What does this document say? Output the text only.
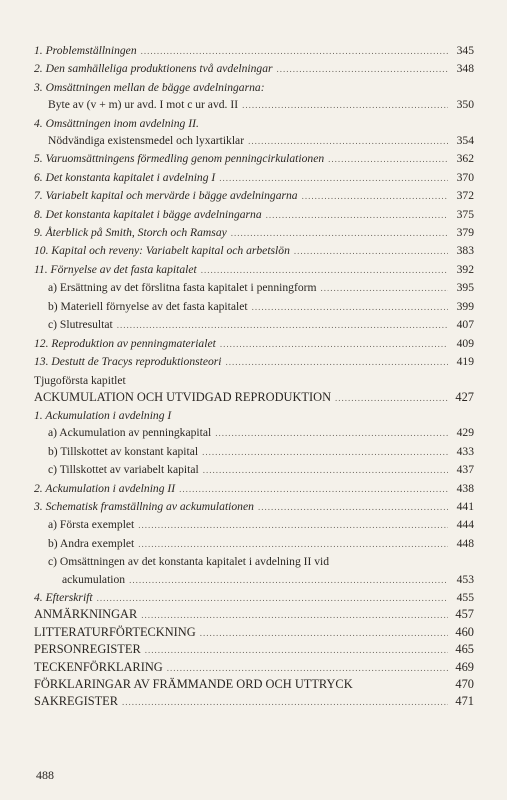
1. Problemställningen .....	345
2. Den samhälleliga produktionens två avdelningar .....	348
3. Omsättningen mellan de bägge avdelningarna:
Byte av (v + m) ur avd. I mot c ur avd. II .....	350
4. Omsättningen inom avdelning II.
Nödvändiga existensmedel och lyxartiklar .....	354
5. Varuomsättningens förmedling genom penningcirkulationen .....	362
6. Det konstanta kapitalet i avdelning I .....	370
7. Variabelt kapital och mervärde i bägge avdelningarna .....	372
8. Det konstanta kapitalet i bägge avdelningarna .....	375
9. Återblick på Smith, Storch och Ramsay .....	379
10. Kapital och reveny: Variabelt kapital och arbetslön .....	383
11. Förnyelse av det fasta kapitalet .....	392
a) Ersättning av det förslitna fasta kapitalet i penningform .....	395
b) Materiell förnyelse av det fasta kapitalet .....	399
c) Slutresultat .....	407
12. Reproduktion av penningmaterialet .....	409
13. Destutt de Tracys reproduktionsteori .....	419
Tjugoförsta kapitlet
ACKUMULATION OCH UTVIDGAD REPRODUKTION .....	427
1. Ackumulation i avdelning I
a) Ackumulation av penningkapital .....	429
b) Tillskottet av konstant kapital .....	433
c) Tillskottet av variabelt kapital .....	437
2. Ackumulation i avdelning II .....	438
3. Schematisk framställning av ackumulationen .....	441
a) Första exemplet .....	444
b) Andra exemplet .....	448
c) Omsättningen av det konstanta kapitalet i avdelning II vid
ackumulation .....	453
4. Efterskrift .....	455
ANMÄRKNINGAR .....	457
LITTERATURFÖRTECKNING .....	460
PERSONREGISTER .....	465
TECKENFÖRKLARING .....	469
FÖRKLARINGAR AV FRÄMMANDE ORD OCH UTTRYCK	470
SAKREGISTER .....	471
488
